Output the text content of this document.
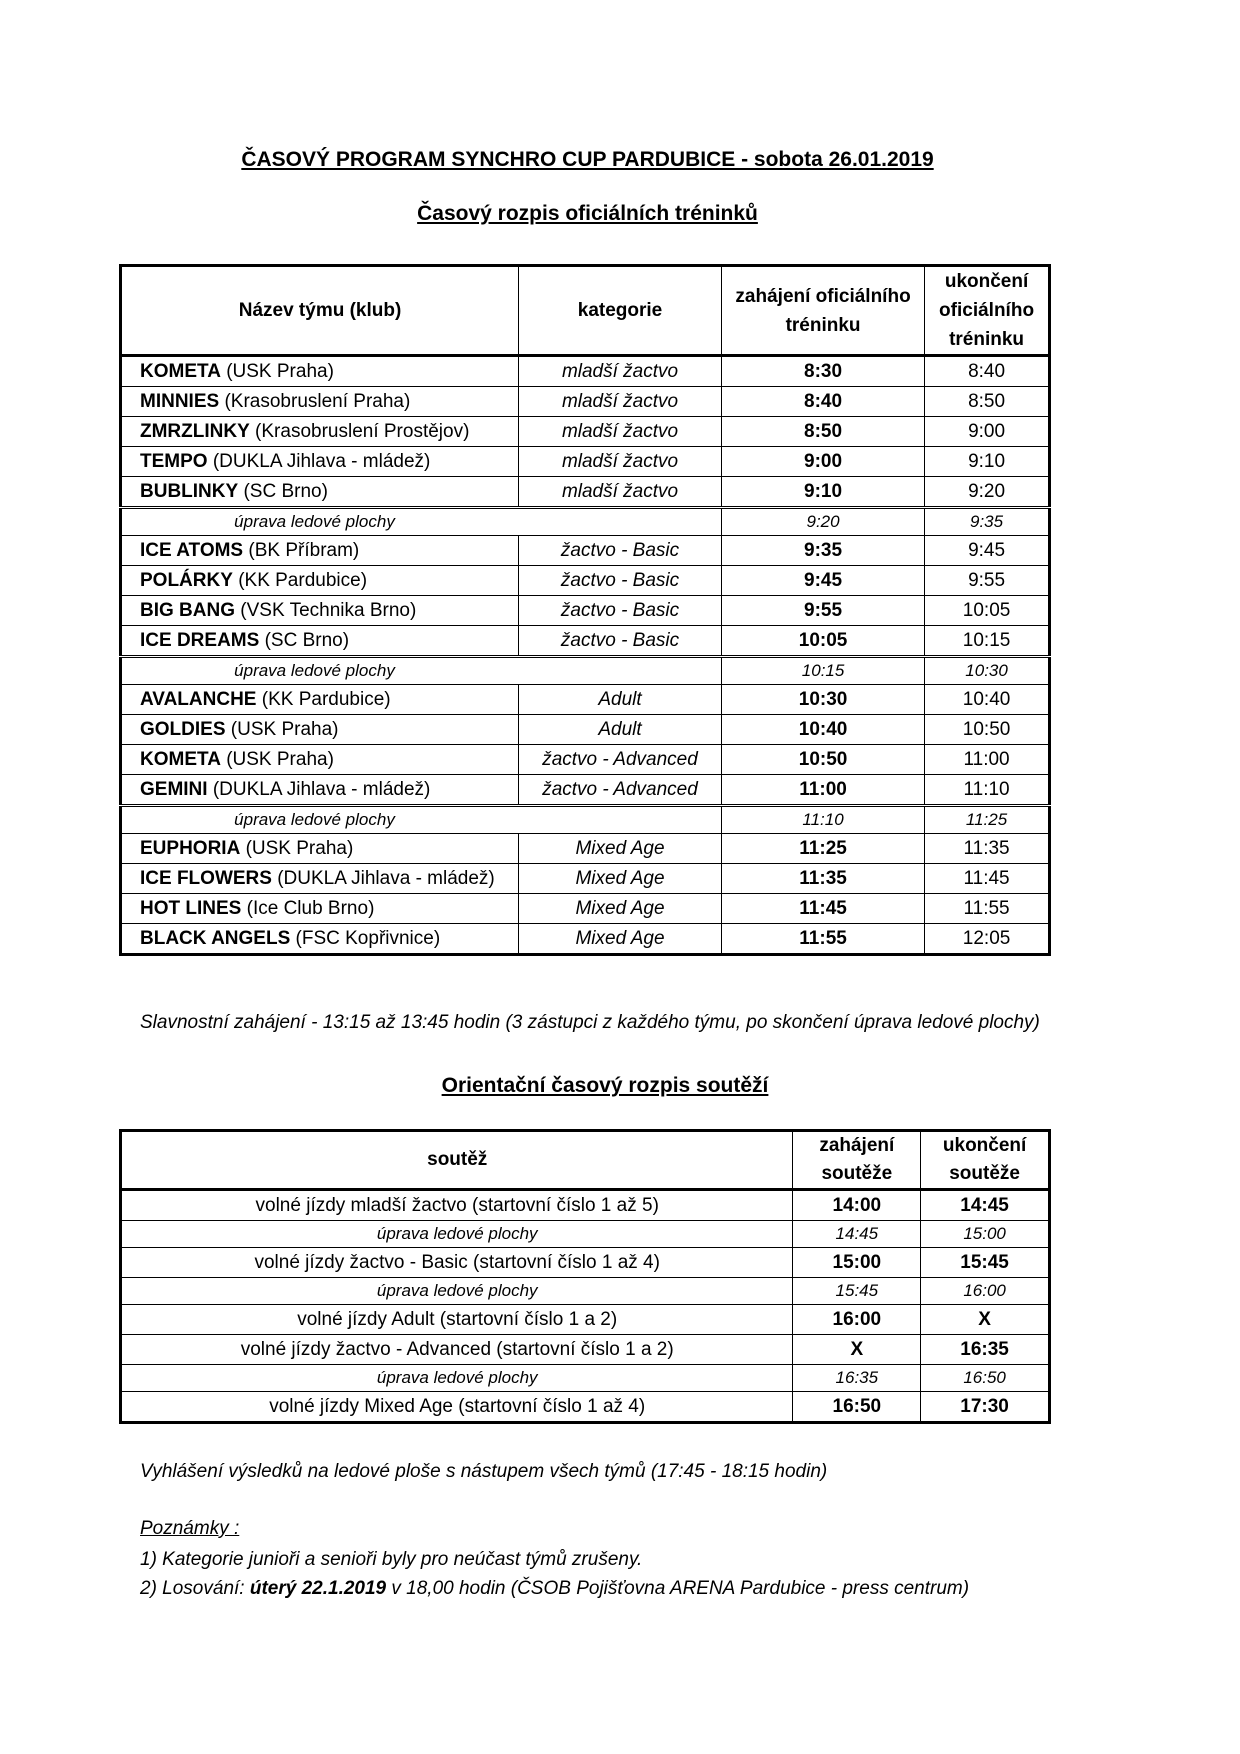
ČASOVÝ PROGRAM SYNCHRO CUP PARDUBICE - sobota 26.01.2019
Časový rozpis oficiálních tréninků
Název týmu (klub)	kategorie	zahájení oficiálního tréninku	ukončení oficiálního tréninku
KOMETA (USK Praha)	mladší žactvo	8:30	8:40
MINNIES (Krasobruslení Praha)	mladší žactvo	8:40	8:50
ZMRZLINKY (Krasobruslení Prostějov)	mladší žactvo	8:50	9:00
TEMPO (DUKLA Jihlava - mládež)	mladší žactvo	9:00	9:10
BUBLINKY (SC Brno)	mladší žactvo	9:10	9:20
úprava ledové plochy		9:20	9:35
ICE ATOMS (BK Příbram)	žactvo - Basic	9:35	9:45
POLÁRKY (KK Pardubice)	žactvo - Basic	9:45	9:55
BIG BANG (VSK Technika Brno)	žactvo - Basic	9:55	10:05
ICE DREAMS (SC Brno)	žactvo - Basic	10:05	10:15
úprava ledové plochy		10:15	10:30
AVALANCHE (KK Pardubice)	Adult	10:30	10:40
GOLDIES (USK Praha)	Adult	10:40	10:50
KOMETA (USK Praha)	žactvo - Advanced	10:50	11:00
GEMINI (DUKLA Jihlava - mládež)	žactvo - Advanced	11:00	11:10
úprava ledové plochy		11:10	11:25
EUPHORIA (USK Praha)	Mixed Age	11:25	11:35
ICE FLOWERS (DUKLA Jihlava - mládež)	Mixed Age	11:35	11:45
HOT LINES (Ice Club Brno)	Mixed Age	11:45	11:55
BLACK ANGELS (FSC Kopřivnice)	Mixed Age	11:55	12:05
Slavnostní zahájení - 13:15 až 13:45 hodin (3 zástupci z každého týmu, po skončení úprava ledové plochy)
Orientační časový rozpis soutěží
soutěž	zahájení soutěže	ukončení soutěže
volné jízdy mladší žactvo (startovní číslo 1 až 5)	14:00	14:45
úprava ledové plochy	14:45	15:00
volné jízdy žactvo - Basic (startovní číslo 1 až 4)	15:00	15:45
úprava ledové plochy	15:45	16:00
volné jízdy Adult (startovní číslo 1 a 2)	16:00	X
volné jízdy žactvo - Advanced (startovní číslo 1 a 2)	X	16:35
úprava ledové plochy	16:35	16:50
volné jízdy Mixed Age (startovní číslo 1 až 4)	16:50	17:30
Vyhlášení výsledků na ledové ploše s nástupem všech týmů (17:45 - 18:15 hodin)
Poznámky :
1) Kategorie junioři a senioři byly pro neúčast týmů zrušeny.
2) Losování: úterý 22.1.2019 v 18,00 hodin (ČSOB Pojišťovna ARENA Pardubice - press centrum)
